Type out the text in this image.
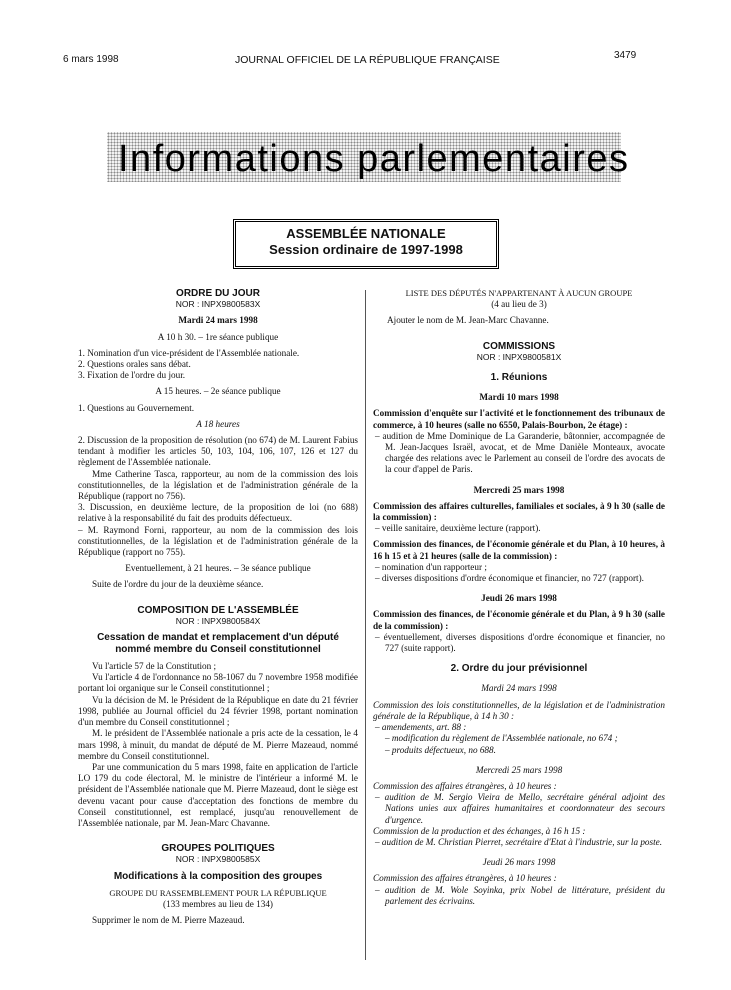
6 mars 1998	JOURNAL OFFICIEL DE LA RÉPUBLIQUE FRANÇAISE	3479
Informations parlementaires
ASSEMBLÉE NATIONALE
Session ordinaire de 1997-1998
ORDRE DU JOUR
NOR : INPX9800583X
Mardi 24 mars 1998
A 10 h 30. – 1re séance publique

1. Nomination d'un vice-président de l'Assemblée nationale.

2. Questions orales sans débat.

3. Fixation de l'ordre du jour.

A 15 heures. – 2e séance publique

1. Questions au Gouvernement.

A 18 heures

2. Discussion de la proposition de résolution (no 674) de M. Laurent Fabius tendant à modifier les articles 50, 103, 104, 106, 107, 126 et 127 du règlement de l'Assemblée nationale.

Mme Catherine Tasca, rapporteur, au nom de la commission des lois constitutionnelles, de la législation et de l'administration générale de la République (rapport no 756).

3. Discussion, en deuxième lecture, de la proposition de loi (no 688) relative à la responsabilité du fait des produits défectueux.

– M. Raymond Forni, rapporteur, au nom de la commission des lois constitutionnelles, de la législation et de l'administration générale de la République (rapport no 755).

Eventuellement, à 21 heures. – 3e séance publique

Suite de l'ordre du jour de la deuxième séance.

COMPOSITION DE L'ASSEMBLÉE
NOR : INPX9800584X
Cessation de mandat et remplacement d'un député nommé membre du Conseil constitutionnel

Vu l'article 57 de la Constitution ;

Vu l'article 4 de l'ordonnance no 58-1067 du 7 novembre 1958 modifiée portant loi organique sur le Conseil constitutionnel ;

Vu la décision de M. le Président de la République en date du 21 février 1998, publiée au Journal officiel du 24 février 1998, portant nomination d'un membre du Conseil constitutionnel ;

M. le président de l'Assemblée nationale a pris acte de la cessation, le 4 mars 1998, à minuit, du mandat de député de M. Pierre Mazeaud, nommé membre du Conseil constitutionnel.

Par une communication du 5 mars 1998, faite en application de l'article LO 179 du code électoral, M. le ministre de l'intérieur a informé M. le président de l'Assemblée nationale que M. Pierre Mazeaud, dont le siège est devenu vacant pour cause d'acceptation des fonctions de membre du Conseil constitutionnel, est remplacé, jusqu'au renouvellement de l'Assemblée nationale, par M. Jean-Marc Chavanne.

GROUPES POLITIQUES
NOR : INPX9800585X
Modifications à la composition des groupes
GROUPE DU RASSEMBLEMENT POUR LA RÉPUBLIQUE
(133 membres au lieu de 134)

Supprimer le nom de M. Pierre Mazeaud.

LISTE DES DÉPUTÉS N'APPARTENANT À AUCUN GROUPE
(4 au lieu de 3)

Ajouter le nom de M. Jean-Marc Chavanne.

COMMISSIONS
NOR : INPX9800581X
1. Réunions
Mardi 10 mars 1998

Commission d'enquête sur l'activité et le fonctionnement des tribunaux de commerce, à 10 heures (salle no 6550, Palais-Bourbon, 2e étage) :

– audition de Mme Dominique de La Garanderie, bâtonnier, accompagnée de M. Jean-Jacques Israël, avocat, et de Mme Danièle Monteaux, avocate chargée des relations avec le Parlement au conseil de l'ordre des avocats de la cour d'appel de Paris.

Mercredi 25 mars 1998

Commission des affaires culturelles, familiales et sociales, à 9 h 30 (salle de la commission) :

– veille sanitaire, deuxième lecture (rapport).

Commission des finances, de l'économie générale et du Plan, à 10 heures, à 16 h 15 et à 21 heures (salle de la commission) :

– nomination d'un rapporteur ;

– diverses dispositions d'ordre économique et financier, no 727 (rapport).

Jeudi 26 mars 1998

Commission des finances, de l'économie générale et du Plan, à 9 h 30 (salle de la commission) :

– éventuellement, diverses dispositions d'ordre économique et financier, no 727 (suite rapport).

2. Ordre du jour prévisionnel
Mardi 24 mars 1998

Commission des lois constitutionnelles, de la législation et de l'administration générale de la République, à 14 h 30 :

– amendements, art. 88 :

– modification du règlement de l'Assemblée nationale, no 674 ;

– produits défectueux, no 688.

Mercredi 25 mars 1998

Commission des affaires étrangères, à 10 heures :

– audition de M. Sergio Vieira de Mello, secrétaire général adjoint des Nations unies aux affaires humanitaires et coordonnateur des secours d'urgence.

Commission de la production et des échanges, à 16 h 15 :

– audition de M. Christian Pierret, secrétaire d'Etat à l'industrie, sur la poste.

Jeudi 26 mars 1998

Commission des affaires étrangères, à 10 heures :

– audition de M. Wole Soyinka, prix Nobel de littérature, président du parlement des écrivains.
